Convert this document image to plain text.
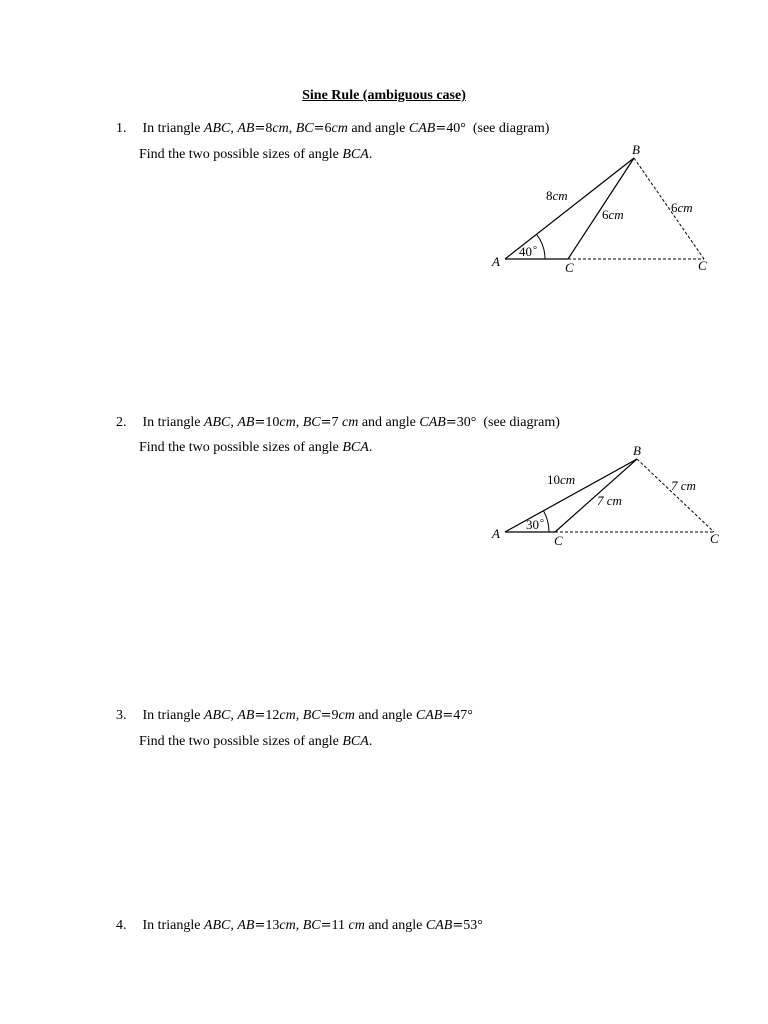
Sine Rule (ambiguous case)
1. In triangle ABC, AB=8cm, BC=6cm and angle CAB=40° (see diagram)
Find the two possible sizes of angle BCA.
2. In triangle ABC, AB=10cm, BC=7 cm and angle CAB=30° (see diagram)
Find the two possible sizes of angle BCA.
3. In triangle ABC, AB=12cm, BC=9cm and angle CAB=47°
Find the two possible sizes of angle BCA.
4. In triangle ABC, AB=13cm, BC=11 cm and angle CAB=53°
A
B
C	C
8cm
6cm	6cm
40°
A
B
C	C
10cm
7 cm
7 cm
30°
